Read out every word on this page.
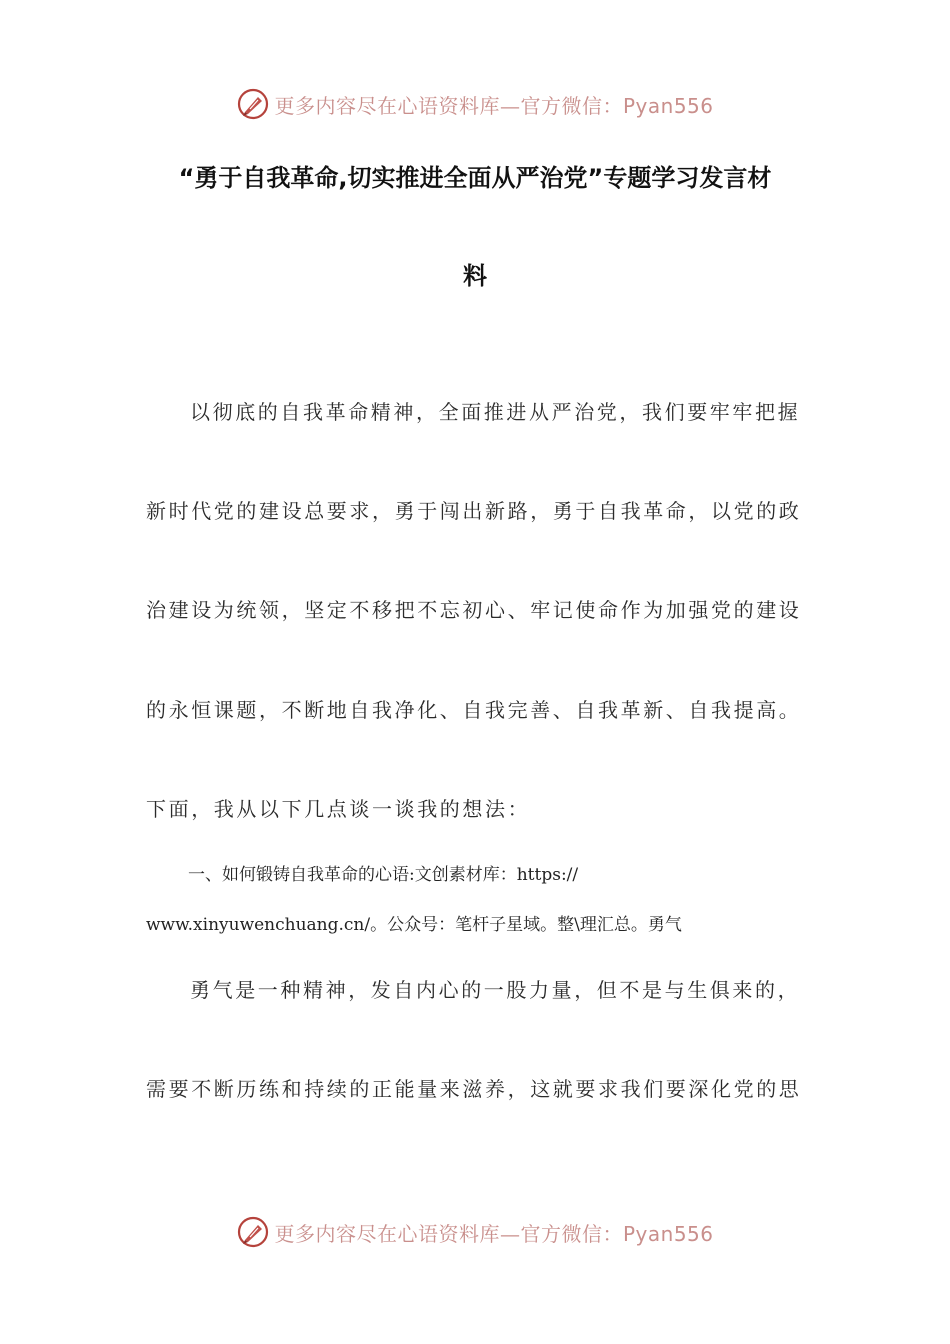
更多内容尽在心语资料库—官方微信：Pyan556
“勇于自我革命,切实推进全面从严治党”专题学习发言材
料
以彻底的自我革命精神，全面推进从严治党，我们要牢牢把握
新时代党的建设总要求，勇于闯出新路，勇于自我革命，以党的政
治建设为统领，坚定不移把不忘初心、牢记使命作为加强党的建设
的永恒课题，不断地自我净化、自我完善、自我革新、自我提高。
下面，我从以下几点谈一谈我的想法：
一、如何锻铸自我革命的心语:文创素材库：https://
www.xinyuwenchuang.cn/。公众号：笔杆子星域。整\理汇总。勇气
勇气是一种精神，发自内心的一股力量，但不是与生俱来的，
需要不断历练和持续的正能量来滋养，这就要求我们要深化党的思
更多内容尽在心语资料库—官方微信：Pyan556
